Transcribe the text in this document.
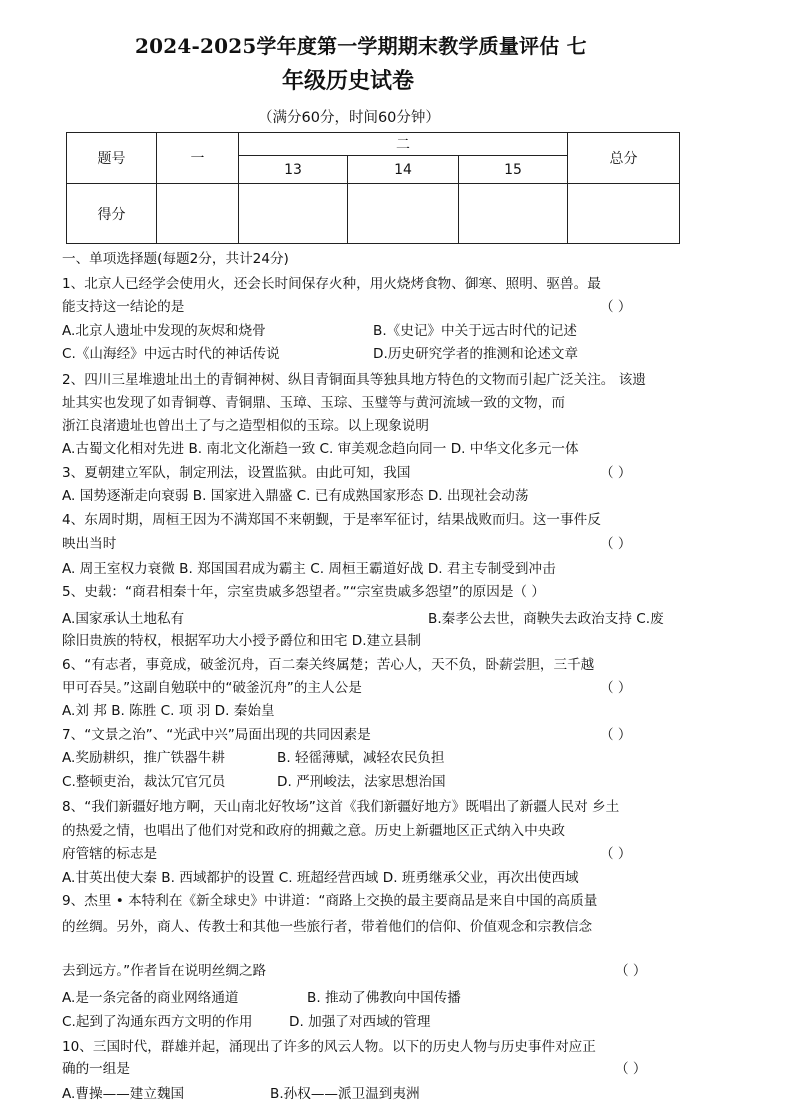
2024-2025学年度第一学期期末教学质量评估 七
年级历史试卷
（满分60分，时间60分钟）
题号	一	二			总分
		13	14	15	
得分					
一、单项选择题(每题2分，共计24分)
1、北京人已经学会使用火，还会长时间保存火种，用火烧烤食物、御寒、照明、驱兽。最
能支持这一结论的是	（ ）
A.北京人遗址中发现的灰烬和烧骨	B.《史记》中关于远古时代的记述
C.《山海经》中远古时代的神话传说	D.历史研究学者的推测和论述文章
2、四川三星堆遗址出土的青铜神树、纵目青铜面具等独具地方特色的文物而引起广泛关注。 该遗
址其实也发现了如青铜尊、青铜鼎、玉璋、玉琮、玉璧等与黄河流域一致的文物，而
浙江良渚遗址也曾出土了与之造型相似的玉琮。以上现象说明
A.古蜀文化相对先进 B. 南北文化渐趋一致 C. 审美观念趋向同一 D. 中华文化多元一体
3、夏朝建立军队，制定刑法，设置监狱。由此可知，我国	（ ）
A. 国势逐渐走向衰弱 B. 国家进入鼎盛 C. 已有成熟国家形态 D. 出现社会动荡
4、东周时期，周桓王因为不满郑国不来朝觐，于是率军征讨，结果战败而归。这一事件反
映出当时	（ ）
A. 周王室权力衰微 B. 郑国国君成为霸主 C. 周桓王霸道好战 D. 君主专制受到冲击
5、史载：“商君相秦十年，宗室贵戚多怨望者。”“宗室贵戚多怨望”的原因是（ ）
A.国家承认土地私有	B.秦孝公去世，商鞅失去政治支持 C.废
除旧贵族的特权，根据军功大小授予爵位和田宅 D.建立县制
6、“有志者，事竟成，破釜沉舟，百二秦关终属楚；苦心人，天不负，卧薪尝胆，三千越
甲可吞吴。”这副自勉联中的“破釜沉舟”的主人公是	（ ）
A.刘 邦 B. 陈胜 C. 项 羽 D. 秦始皇
7、“文景之治”、“光武中兴”局面出现的共同因素是	（ ）
A.奖励耕织，推广铁器牛耕	B. 轻徭薄赋，减轻农民负担
C.整顿吏治，裁汰冗官冗员	D. 严刑峻法，法家思想治国
8、“我们新疆好地方啊，天山南北好牧场”这首《我们新疆好地方》既唱出了新疆人民对 乡土
的热爱之情，也唱出了他们对党和政府的拥戴之意。历史上新疆地区正式纳入中央政
府管辖的标志是	（ ）
A.甘英出使大秦 B. 西域都护的设置 C. 班超经营西域 D. 班勇继承父业，再次出使西域
9、杰里 • 本特利在《新全球史》中讲道：“商路上交换的最主要商品是来自中国的高质量
的丝绸。另外，商人、传教士和其他一些旅行者，带着他们的信仰、价值观念和宗教信念
去到远方。”作者旨在说明丝绸之路	（ ）
A.是一条完备的商业网络通道	B. 推动了佛教向中国传播
C.起到了沟通东西方文明的作用	D. 加强了对西域的管理
10、三国时代，群雄并起，涌现出了许多的风云人物。以下的历史人物与历史事件对应正
确的一组是	（ ）
A.曹操——建立魏国	B.孙权——派卫温到夷洲
